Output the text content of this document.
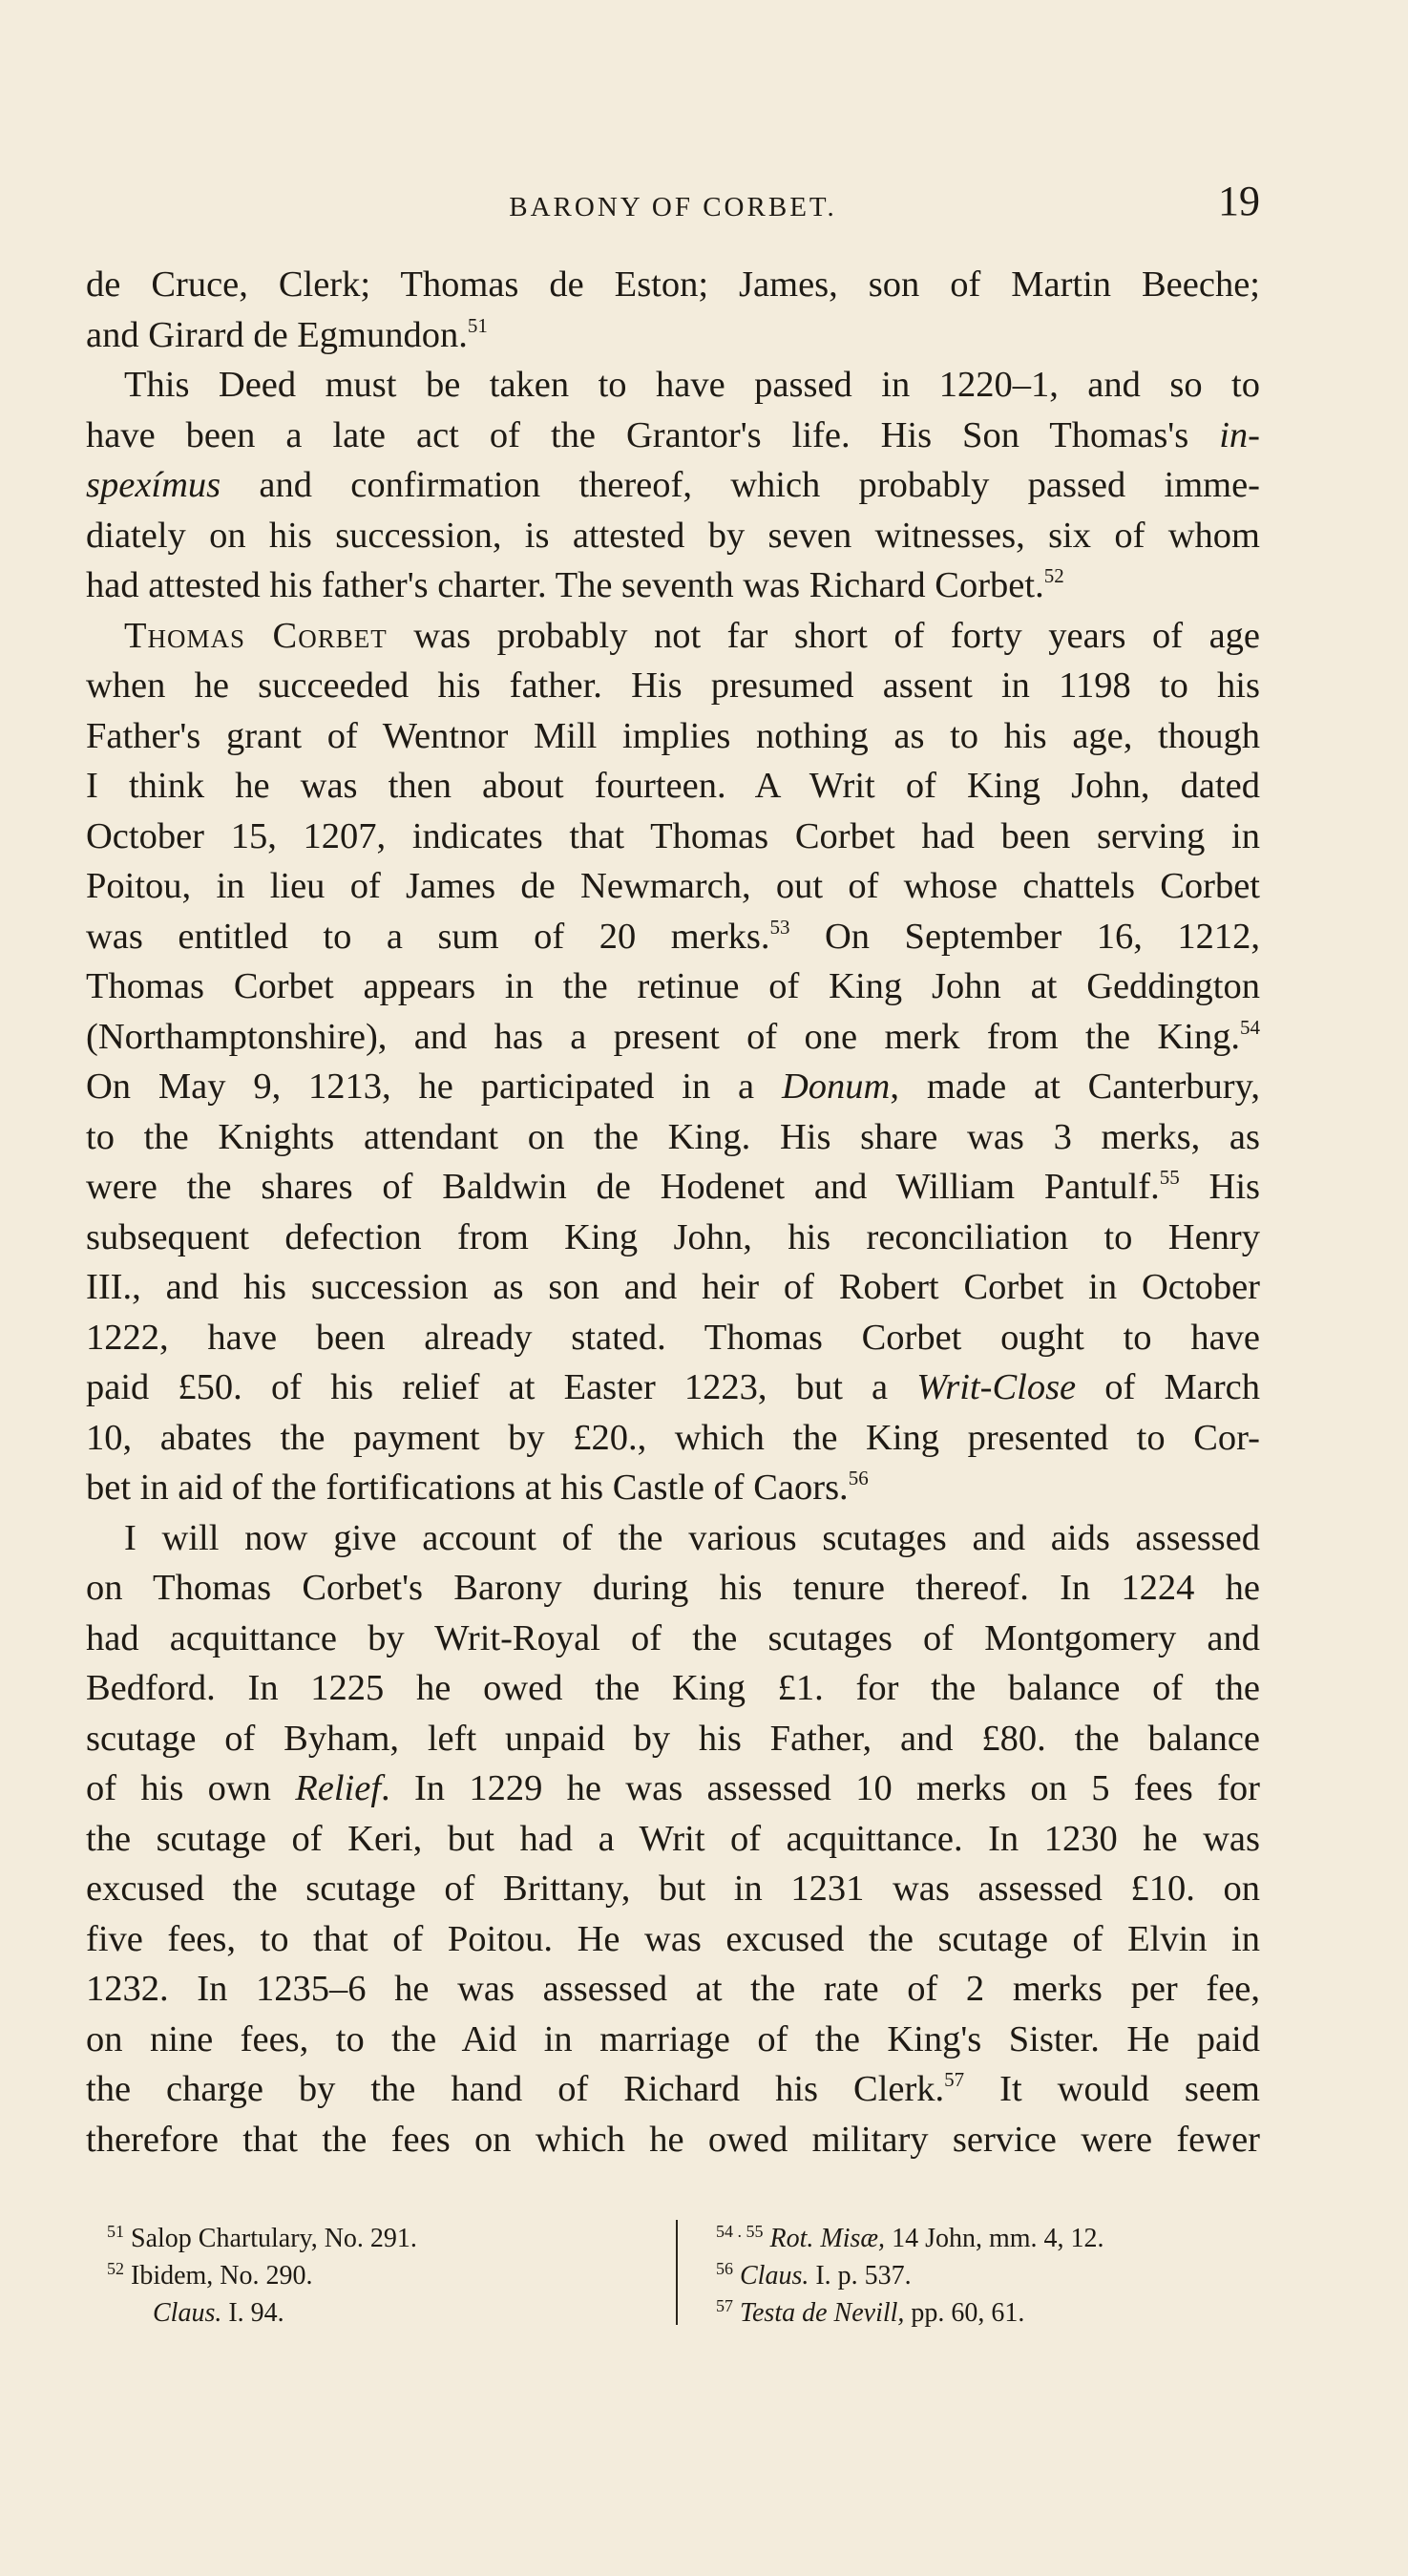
BARONY OF CORBET.	19

de Cruce, Clerk; Thomas de Eston; James, son of Martin Beeche;
and Girard de Egmundon.$^{51}$

This Deed must be taken to have passed in 1220–1, and so to
have been a late act of the Grantor's life. His Son Thomas's in-
spexímus and confirmation thereof, which probably passed imme-
diately on his succession, is attested by seven witnesses, six of whom
had attested his father's charter. The seventh was Richard Corbet.$^{52}$

Thomas Corbet was probably not far short of forty years of age
when he succeeded his father. His presumed assent in 1198 to his
Father's grant of Wentnor Mill implies nothing as to his age, though
I think he was then about fourteen. A Writ of King John, dated
October 15, 1207, indicates that Thomas Corbet had been serving in
Poitou, in lieu of James de Newmarch, out of whose chattels Corbet
was entitled to a sum of 20 merks.$^{53}$ On September 16, 1212,
Thomas Corbet appears in the retinue of King John at Geddington
(Northamptonshire), and has a present of one merk from the King.$^{54}$
On May 9, 1213, he participated in a Donum, made at Canterbury,
to the Knights attendant on the King. His share was 3 merks, as
were the shares of Baldwin de Hodenet and William Pantulf.$^{55}$ His
subsequent defection from King John, his reconciliation to Henry
III., and his succession as son and heir of Robert Corbet in October
1222, have been already stated. Thomas Corbet ought to have
paid £50. of his relief at Easter 1223, but a Writ-Close of March
10, abates the payment by £20., which the King presented to Cor-
bet in aid of the fortifications at his Castle of Caors.$^{56}$

I will now give account of the various scutages and aids assessed
on Thomas Corbet's Barony during his tenure thereof. In 1224 he
had acquittance by Writ-Royal of the scutages of Montgomery and
Bedford. In 1225 he owed the King £1. for the balance of the
scutage of Byham, left unpaid by his Father, and £80. the balance
of his own Relief. In 1229 he was assessed 10 merks on 5 fees for
the scutage of Keri, but had a Writ of acquittance. In 1230 he was
excused the scutage of Brittany, but in 1231 was assessed £10. on
five fees, to that of Poitou. He was excused the scutage of Elvin in
1232. In 1235–6 he was assessed at the rate of 2 merks per fee,
on nine fees, to the Aid in marriage of the King's Sister. He paid
the charge by the hand of Richard his Clerk.$^{57}$ It would seem
therefore that the fees on which he owed military service were fewer

$^{51}$ Salop Chartulary, No. 291.
$^{52}$ Ibidem, No. 290.
Claus. I. 94.
$^{54 . 55}$ Rot. Misæ, 14 John, mm. 4, 12.
$^{56}$ Claus. I. p. 537.
$^{57}$ Testa de Nevill, pp. 60, 61.
